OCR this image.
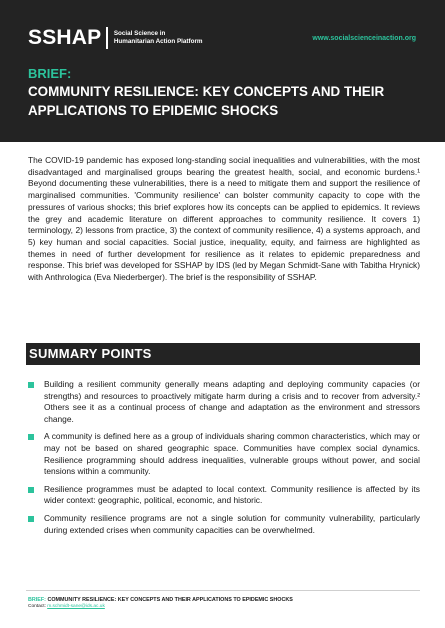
SSHAP Social Science in
Humanitarian Action Platform	www.socialscienceinaction.org
BRIEF:
COMMUNITY RESILIENCE: KEY CONCEPTS AND THEIR APPLICATIONS TO EPIDEMIC SHOCKS

The COVID-19 pandemic has exposed long-standing social inequalities and vulnerabilities, with the most disadvantaged and marginalised groups bearing the greatest health, social, and economic burdens.¹ Beyond documenting these vulnerabilities, there is a need to mitigate them and support the resilience of marginalised communities. 'Community resilience' can bolster community capacity to cope with the pressures of various shocks; this brief explores how its concepts can be applied to epidemics. It reviews the grey and academic literature on different approaches to community resilience. It covers 1) terminology, 2) lessons from practice, 3) the context of community resilience, 4) a systems approach, and 5) key human and social capacities. Social justice, inequality, equity, and fairness are highlighted as themes in need of further development for resilience as it relates to epidemic preparedness and response. This brief was developed for SSHAP by IDS (led by Megan Schmidt-Sane with Tabitha Hrynick) with Anthrologica (Eva Niederberger). The brief is the responsibility of SSHAP.

SUMMARY POINTS
Building a resilient community generally means adapting and deploying community capacies (or strengths) and resources to proactively mitigate harm during a crisis and to recover from adversity.² Others see it as a continual process of change and adaptation as the environment and stressors change.
A community is defined here as a group of individuals sharing common characteristics, which may or may not be based on shared geographic space. Communities have complex social dynamics. Resilience programming should address inequalities, vulnerable groups without power, and social tensions within a community.
Resilience programmes must be adapted to local context. Community resilience is affected by its wider context: geographic, political, economic, and historic.
Community resilience programs are not a single solution for community vulnerability, particularly during extended crises when community capacities can be overwhelmed.
BRIEF: COMMUNITY RESILIENCE: KEY CONCEPTS AND THEIR APPLICATIONS TO EPIDEMIC SHOCKS
Contact: m.schmidt-sane@ids.ac.uk
